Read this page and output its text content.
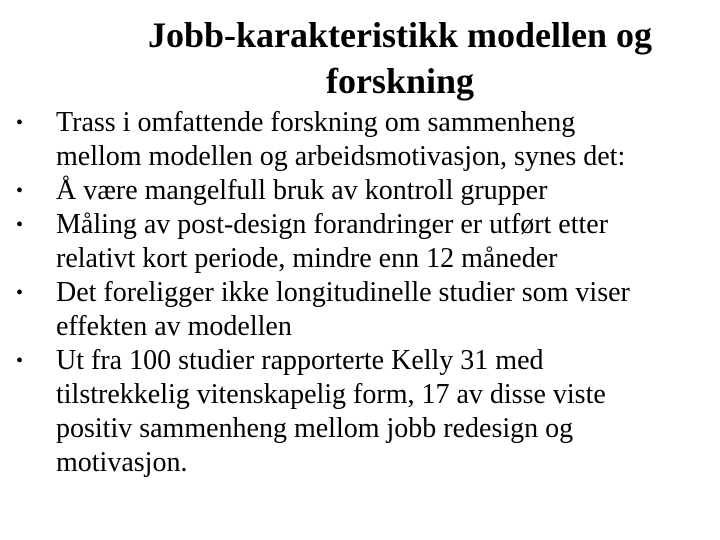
Jobb-karakteristikk modellen og
forskning
• Trass i omfattende forskning om sammenheng
mellom modellen og arbeidsmotivasjon, synes det:
• Å være mangelfull bruk av kontroll grupper
• Måling av post-design forandringer er utført etter
relativt kort periode, mindre enn 12 måneder
• Det foreligger ikke longitudinelle studier som viser
effekten av modellen
• Ut fra 100 studier rapporterte Kelly 31 med
tilstrekkelig vitenskapelig form, 17 av disse viste
positiv sammenheng mellom jobb redesign og
motivasjon.
